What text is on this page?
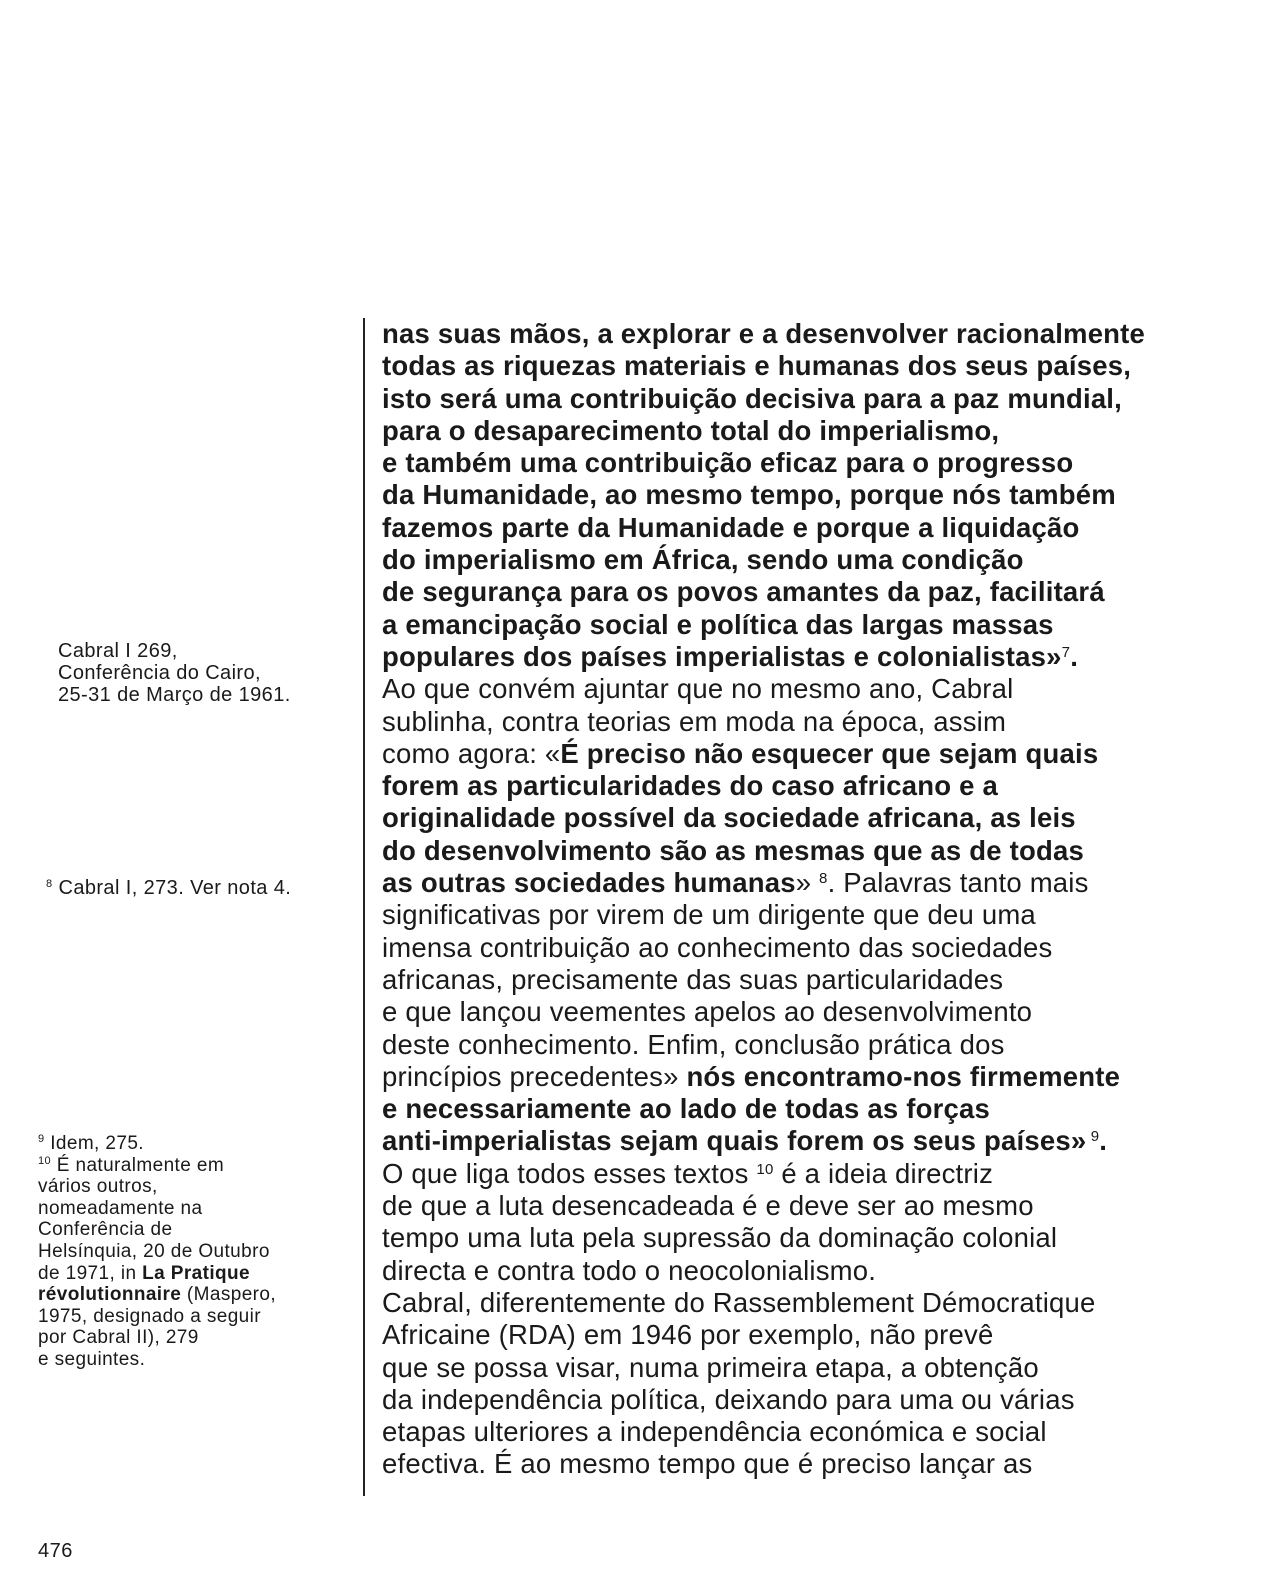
nas suas mãos, a explorar e a desenvolver racionalmente
todas as riquezas materiais e humanas dos seus países,
isto será uma contribuição decisiva para a paz mundial,
para o desaparecimento total do imperialismo,
e também uma contribuição eficaz para o progresso
da Humanidade, ao mesmo tempo, porque nós também
fazemos parte da Humanidade e porque a liquidação
do imperialismo em África, sendo uma condição
de segurança para os povos amantes da paz, facilitará
a emancipação social e política das largas massas
populares dos países imperialistas e colonialistas»$^7$.
Ao que convém ajuntar que no mesmo ano, Cabral
sublinha, contra teorias em moda na época, assim
como agora: «É preciso não esquecer que sejam quais
forem as particularidades do caso africano e a
originalidade possível da sociedade africana, as leis
do desenvolvimento são as mesmas que as de todas
as outras sociedades humanas» $^8$. Palavras tanto mais
significativas por virem de um dirigente que deu uma
imensa contribuição ao conhecimento das sociedades
africanas, precisamente das suas particularidades
e que lançou veementes apelos ao desenvolvimento
deste conhecimento. Enfim, conclusão prática dos
princípios precedentes» nós encontramo-nos firmemente
e necessariamente ao lado de todas as forças
anti-imperialistas sejam quais forem os seus países» $^9$.
O que liga todos esses textos $^{10}$ é a ideia directriz
de que a luta desencadeada é e deve ser ao mesmo
tempo uma luta pela supressão da dominação colonial
directa e contra todo o neocolonialismo.
Cabral, diferentemente do Rassemblement Démocratique
Africaine (RDA) em 1946 por exemplo, não prevê
que se possa visar, numa primeira etapa, a obtenção
da independência política, deixando para uma ou várias
etapas ulteriores a independência económica e social
efectiva. É ao mesmo tempo que é preciso lançar as
Cabral I 269,
Conferência do Cairo,
25-31 de Março de 1961.
$^8$ Cabral I, 273. Ver nota 4.
$^9$ Idem, 275.
$^{10}$ É naturalmente em
vários outros,
nomeadamente na
Conferência de
Helsínquia, 20 de Outubro
de 1971, in La Pratique
révolutionnaire (Maspero,
1975, designado a seguir
por Cabral II), 279
e seguintes.
476
